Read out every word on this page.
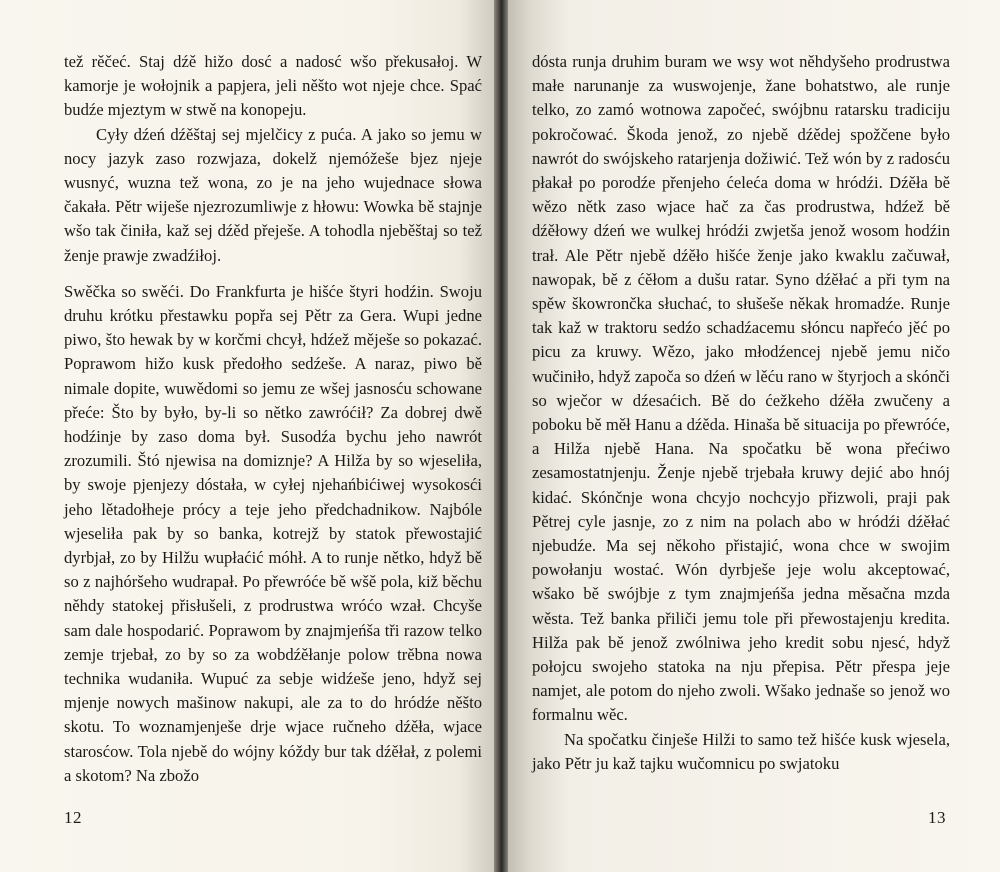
tež rěčeć. Staj dźě hižo dosć a nadosć wšo překusałoj. W kamorje je wołojnik a papjera, jeli něšto wot njeje chce. Spać budźe mjeztym w stwě na konopeju.

Cyły dźeń dźěštaj sej mjelčicy z puća. A jako so jemu w nocy jazyk zaso rozwjaza, dokelž njemóžeše bjez njeje wusnyć, wuzna tež wona, zo je na jeho wujednace słowa čakała. Pětr wiješe njezrozumliwje z hłowu: Wowka bě stajnje wšo tak činiła, kaž sej dźěd přeješe. A tohodla njeběštaj so tež ženje prawje zwadźiłoj.

Swěčka so swěći. Do Frankfurta je hišće štyri hodźin. Swoju druhu krótku přestawku popřa sej Pětr za Gera. Wupi jedne piwo, što hewak by w korčmi chcył, hdźež měješe so pokazać. Poprawom hižo kusk předołho sedźeše. A naraz, piwo bě nimale dopite, wuwědomi so jemu ze wšej jasnosću schowane přeće: Što by było, by-li so nětko zawróćił? Za dobrej dwě hodźinje by zaso doma był. Susodźa bychu jeho nawrót zrozumili. Štó njewisa na domiznje? A Hilža by so wjeseliła, by swoje pjenjezy dóstała, w cyłej njehańbićiwej wysokosći jeho lětadołheje prócy a teje jeho předchadnikow. Najbóle wjeseliła pak by so banka, kotrejž by statok přewostajić dyrbjał, zo by Hilžu wupłaćić móhł. A to runje nětko, hdyž bě so z najhóršeho wudrapał. Po přewróće bě wšě pola, kiž běchu něhdy statokej přisłušeli, z prodrustwa wróćo wzał. Chcyše sam dale hospodarić. Poprawom by znajmjeńša tři razow telko zemje trjebał, zo by so za wobdźěłanje polow trěbna nowa technika wudaniła. Wupuć za sebje widźeše jeno, hdyž sej mjenje nowych mašinow nakupi, ale za to do hródźe něšto skotu. To woznamjenješe drje wjace ručneho dźěła, wjace starosćow. Tola njebě do wójny kóždy bur tak dźěłał, z polemi a skotom? Na zbožo

dósta runja druhim buram we wsy wot něhdyšeho prodrustwa małe narunanje za wuswojenje, žane bohatstwo, ale runje telko, zo zamó wotnowa započeć, swójbnu ratarsku tradiciju pokročować. Škoda jenož, zo njebě dźědej spožčene było nawrót do swójskeho ratarjenja dožiwić. Tež wón by z radosću płakał po porodźe přenjeho ćeleća doma w hródźi. Dźěła bě wězo nětk zaso wjace hač za čas prodrustwa, hdźež bě dźěłowy dźeń we wulkej hródźi zwjetša jenož wosom hodźin trał. Ale Pětr njebě dźěło hišće ženje jako kwaklu začuwał, nawopak, bě z ćěłom a dušu ratar. Syno dźěłać a při tym na spěw škowrončka słuchać, to słušeše někak hromadźe. Runje tak kaž w traktoru sedźo schadźacemu słóncu napřećo jěć po picu za kruwy. Wězo, jako młodźencej njebě jemu ničo wučiniło, hdyž započa so dźeń w lěću rano w štyrjoch a skónči so wječor w dźesaćich. Bě do ćežkeho dźěła zwučeny a poboku bě měł Hanu a dźěda. Hinaša bě situacija po přewróće, a Hilža njebě Hana. Na spočatku bě wona přećiwo zesamostatnjenju. Ženje njebě trjebała kruwy dejić abo hnój kidać. Skónčnje wona chcyjo nochcyjo přizwoli, praji pak Pětrej cyle jasnje, zo z nim na polach abo w hródźi dźěłać njebudźe. Ma sej někoho přistajić, wona chce w swojim powołanju wostać. Wón dyrbješe jeje wolu akceptować, wšako bě swójbje z tym znajmjeńša jedna měsačna mzda wěsta. Tež banka přiliči jemu tole při přewostajenju kredita. Hilža pak bě jenož zwólniwa jeho kredit sobu njesć, hdyž połojcu swojeho statoka na nju přepisa. Pětr přespa jeje namjet, ale potom do njeho zwoli. Wšako jednaše so jenož wo formalnu wěc.

Na spočatku činješe Hilži to samo tež hišće kusk wjesela, jako Pětr ju kaž tajku wučomnicu po swjatoku

12	13
